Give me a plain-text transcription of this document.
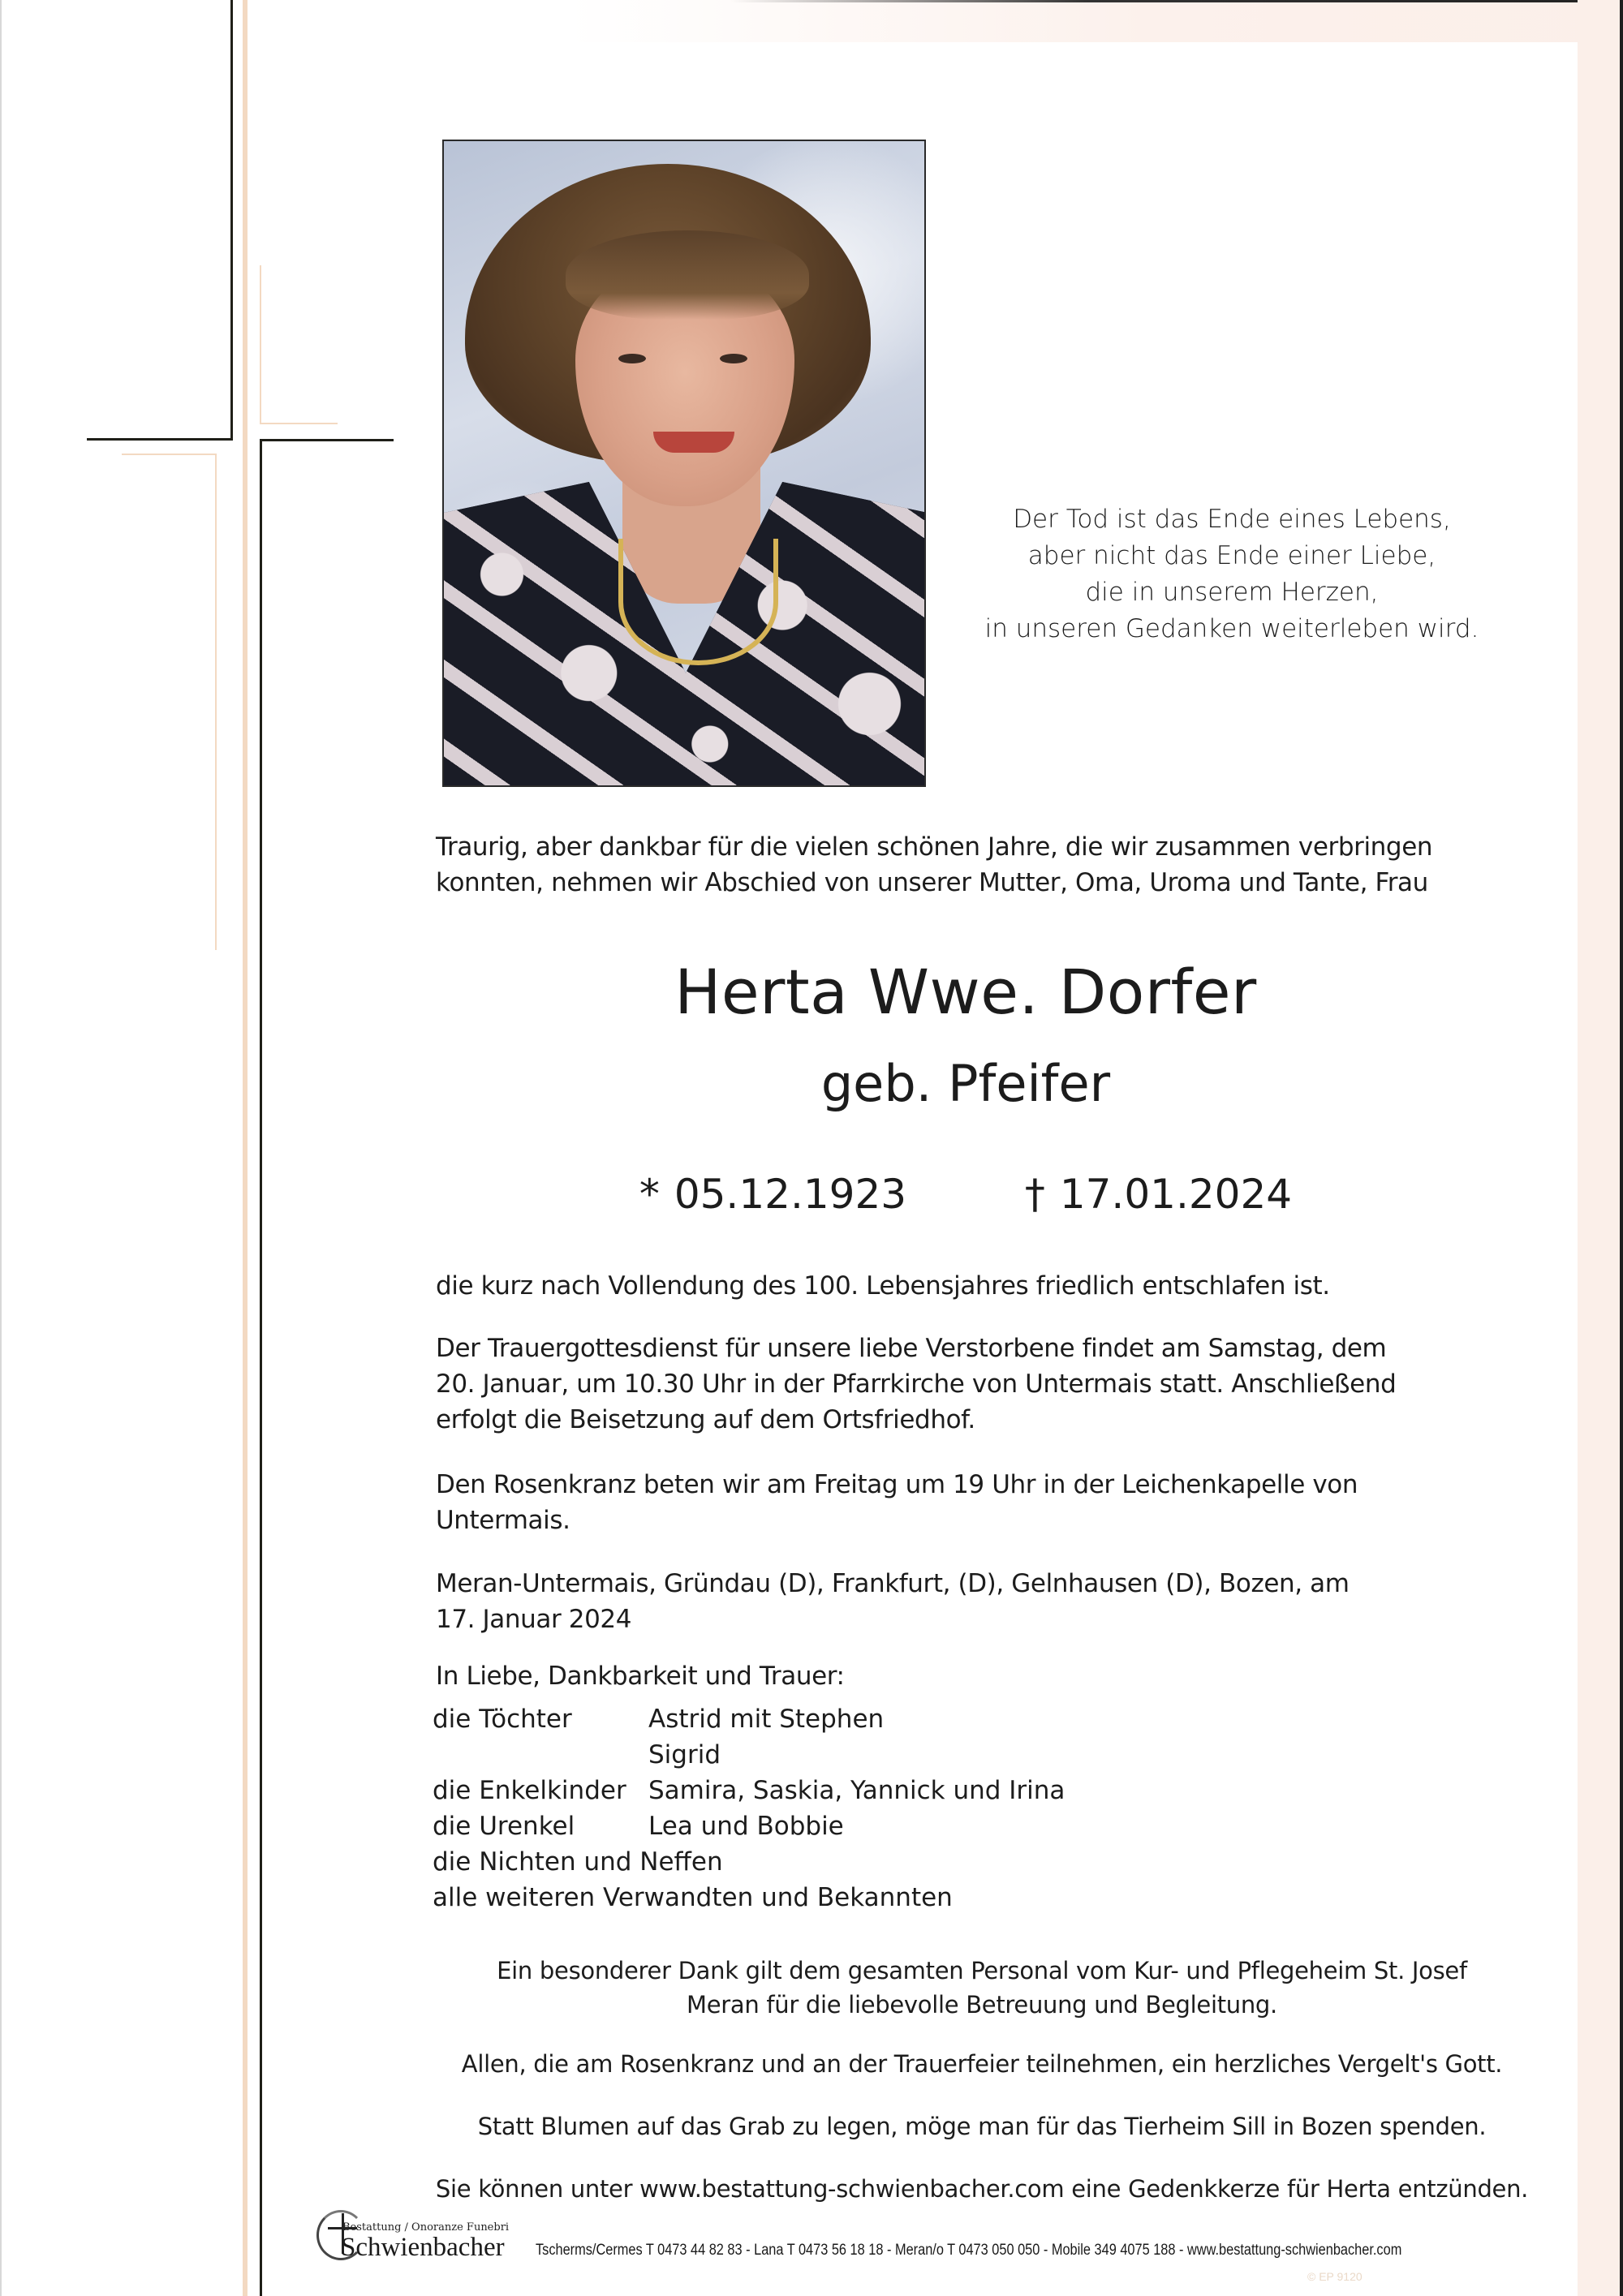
Der Tod ist das Ende eines Lebens,
aber nicht das Ende einer Liebe,
die in unserem Herzen,
in unseren Gedanken weiterleben wird.
Traurig, aber dankbar für die vielen schönen Jahre, die wir zusammen verbringen
konnten, nehmen wir Abschied von unserer Mutter, Oma, Uroma und Tante, Frau
Herta Wwe. Dorfer
geb. Pfeifer
* 05.12.1923	† 17.01.2024
die kurz nach Vollendung des 100. Lebensjahres friedlich entschlafen ist.
Der Trauergottesdienst für unsere liebe Verstorbene findet am Samstag, dem
20. Januar, um 10.30 Uhr in der Pfarrkirche von Untermais statt. Anschließend
erfolgt die Beisetzung auf dem Ortsfriedhof.
Den Rosenkranz beten wir am Freitag um 19 Uhr in der Leichenkapelle von
Untermais.
Meran-Untermais, Gründau (D), Frankfurt, (D), Gelnhausen (D), Bozen, am
17. Januar 2024
In Liebe, Dankbarkeit und Trauer:
die Töchter	Astrid mit Stephen
Sigrid
die Enkelkinder Samira, Saskia, Yannick und Irina
die Urenkel	Lea und Bobbie
die Nichten und Neffen
alle weiteren Verwandten und Bekannten
Ein besonderer Dank gilt dem gesamten Personal vom Kur- und Pflegeheim St. Josef
Meran für die liebevolle Betreuung und Begleitung.
Allen, die am Rosenkranz und an der Trauerfeier teilnehmen, ein herzliches Vergelt's Gott.
Statt Blumen auf das Grab zu legen, möge man für das Tierheim Sill in Bozen spenden.
Sie können unter www.bestattung-schwienbacher.com eine Gedenkkerze für Herta entzünden.
Bestattung / Onoranze Funebri
Schwienbacher Tscherms/Cermes T 0473 44 82 83 - Lana T 0473 56 18 18 - Meran/o T 0473 050 050 - Mobile 349 4075 188 - www.bestattung-schwienbacher.com
© EP 9120
